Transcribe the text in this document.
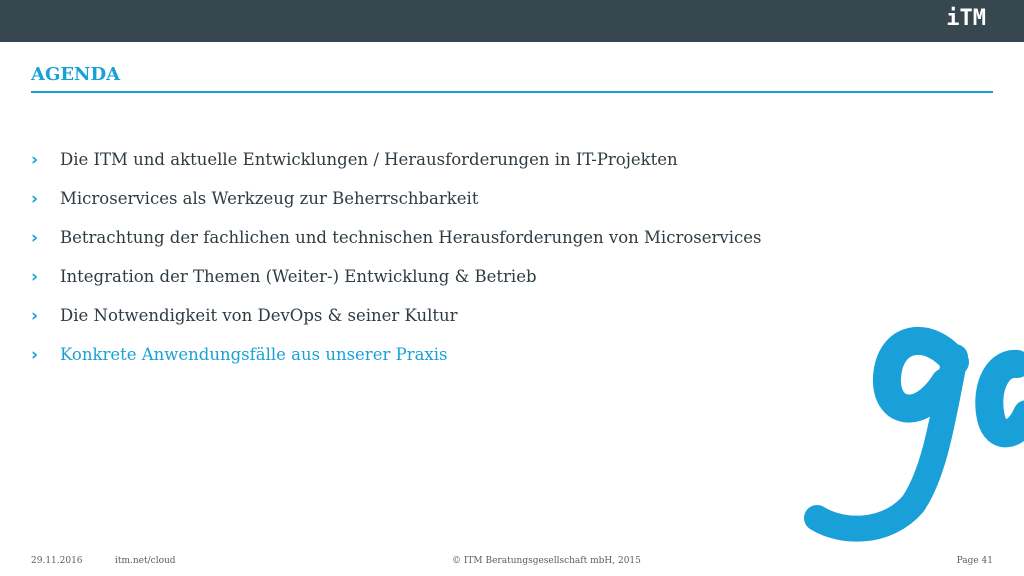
iTM
AGENDA
› Die ITM und aktuelle Entwicklungen / Herausforderungen in IT-Projekten
› Microservices als Werkzeug zur Beherrschbarkeit
› Betrachtung der fachlichen und technischen Herausforderungen von Microservices
› Integration der Themen (Weiter-) Entwicklung & Betrieb
› Die Notwendigkeit von DevOps & seiner Kultur
› Konkrete Anwendungsfälle aus unserer Praxis
29.11.2016	itm.net/cloud	© ITM Beratungsgesellschaft mbH, 2015	Page 41
